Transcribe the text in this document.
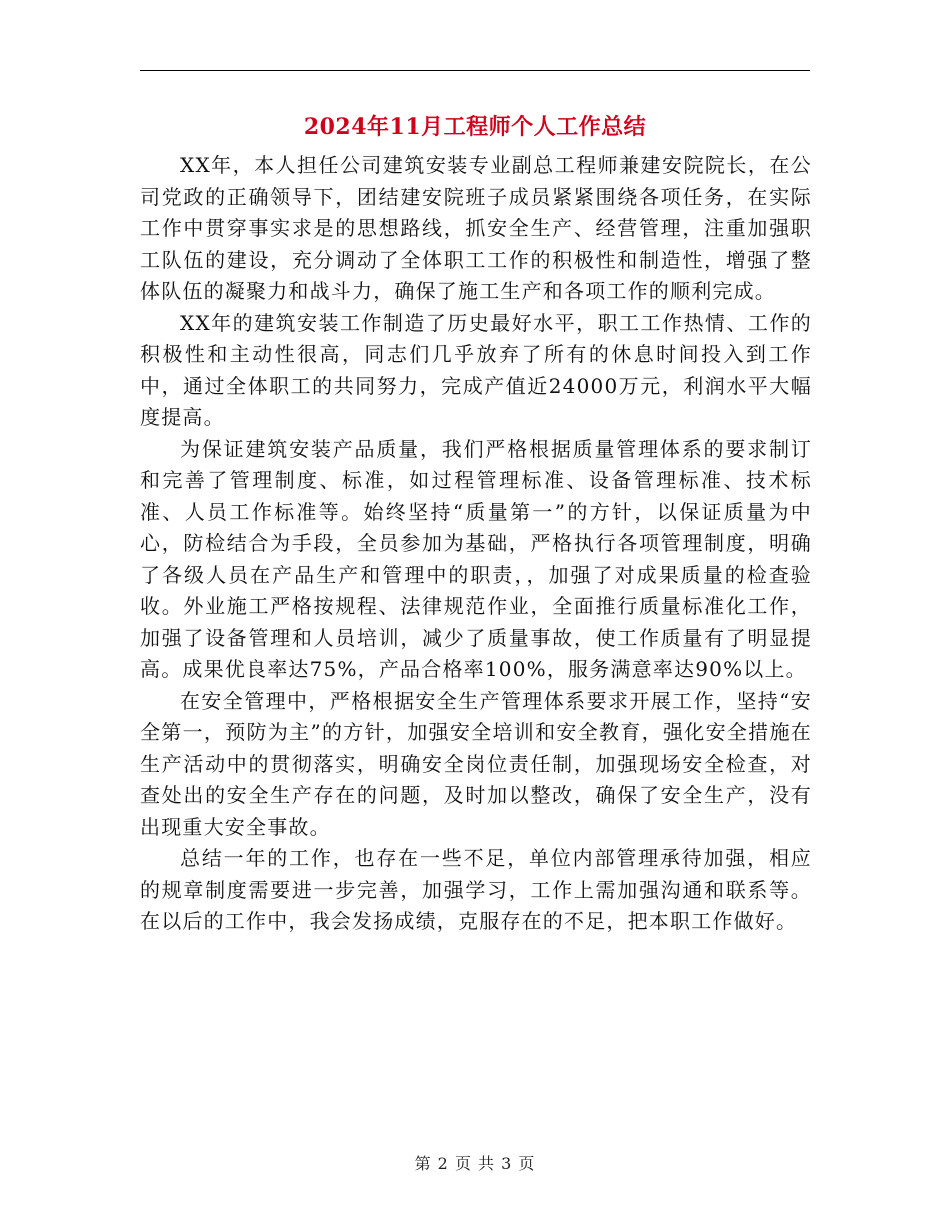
2024年11月工程师个人工作总结

XX年，本人担任公司建筑安装专业副总工程师兼建安院院长，在公司党政的正确领导下，团结建安院班子成员紧紧围绕各项任务，在实际工作中贯穿事实求是的思想路线，抓安全生产、经营管理，注重加强职工队伍的建设，充分调动了全体职工工作的积极性和制造性，增强了整体队伍的凝聚力和战斗力，确保了施工生产和各项工作的顺利完成。

XX年的建筑安装工作制造了历史最好水平，职工工作热情、工作的积极性和主动性很高，同志们几乎放弃了所有的休息时间投入到工作中，通过全体职工的共同努力，完成产值近24000万元，利润水平大幅度提高。

为保证建筑安装产品质量，我们严格根据质量管理体系的要求制订和完善了管理制度、标准，如过程管理标准、设备管理标准、技术标准、人员工作标准等。始终坚持“质量第一”的方针，以保证质量为中心，防检结合为手段，全员参加为基础，严格执行各项管理制度，明确了各级人员在产品生产和管理中的职责，，加强了对成果质量的检查验收。外业施工严格按规程、法律规范作业，全面推行质量标准化工作，加强了设备管理和人员培训，减少了质量事故，使工作质量有了明显提高。成果优良率达75%，产品合格率100%，服务满意率达90%以上。

在安全管理中，严格根据安全生产管理体系要求开展工作，坚持“安全第一，预防为主”的方针，加强安全培训和安全教育，强化安全措施在生产活动中的贯彻落实，明确安全岗位责任制，加强现场安全检查，对查处出的安全生产存在的问题，及时加以整改，确保了安全生产，没有出现重大安全事故。

总结一年的工作，也存在一些不足，单位内部管理承待加强，相应的规章制度需要进一步完善，加强学习，工作上需加强沟通和联系等。在以后的工作中，我会发扬成绩，克服存在的不足，把本职工作做好。

第 2 页 共 3 页
